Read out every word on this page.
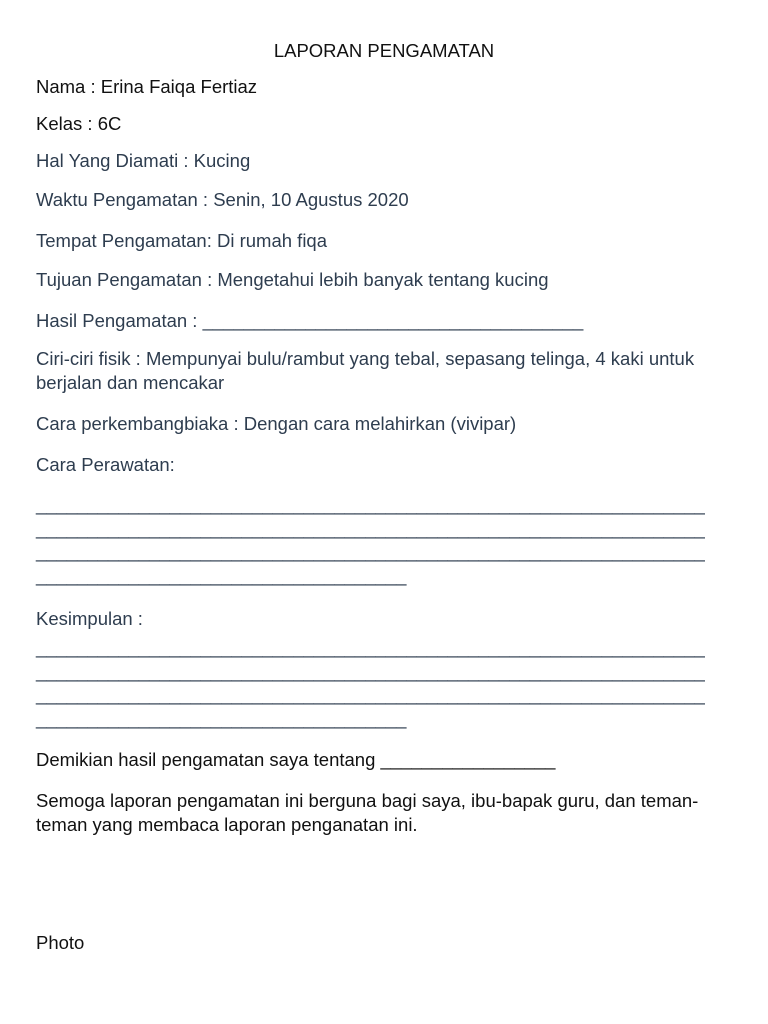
LAPORAN PENGAMATAN

Nama : Erina Faiqa Fertiaz

Kelas : 6C

Hal Yang Diamati : Kucing

Waktu Pengamatan : Senin, 10 Agustus 2020

Tempat Pengamatan: Di rumah fiqa

Tujuan Pengamatan : Mengetahui lebih banyak tentang kucing

Hasil Pengamatan : _____________________________________

Ciri-ciri fisik : Mempunyai bulu/rambut yang tebal, sepasang telinga, 4 kaki untuk berjalan dan mencakar

Cara perkembangbiaka : Dengan cara melahirkan (vivipar)

Cara Perawatan:

_________________________________________________________________
_________________________________________________________________
_________________________________________________________________
____________________________________

Kesimpulan :

_________________________________________________________________
_________________________________________________________________
_________________________________________________________________
____________________________________

Demikian hasil pengamatan saya tentang _________________

Semoga laporan pengamatan ini berguna bagi saya, ibu-bapak guru, dan teman-teman yang membaca laporan penganatan ini.

Photo
